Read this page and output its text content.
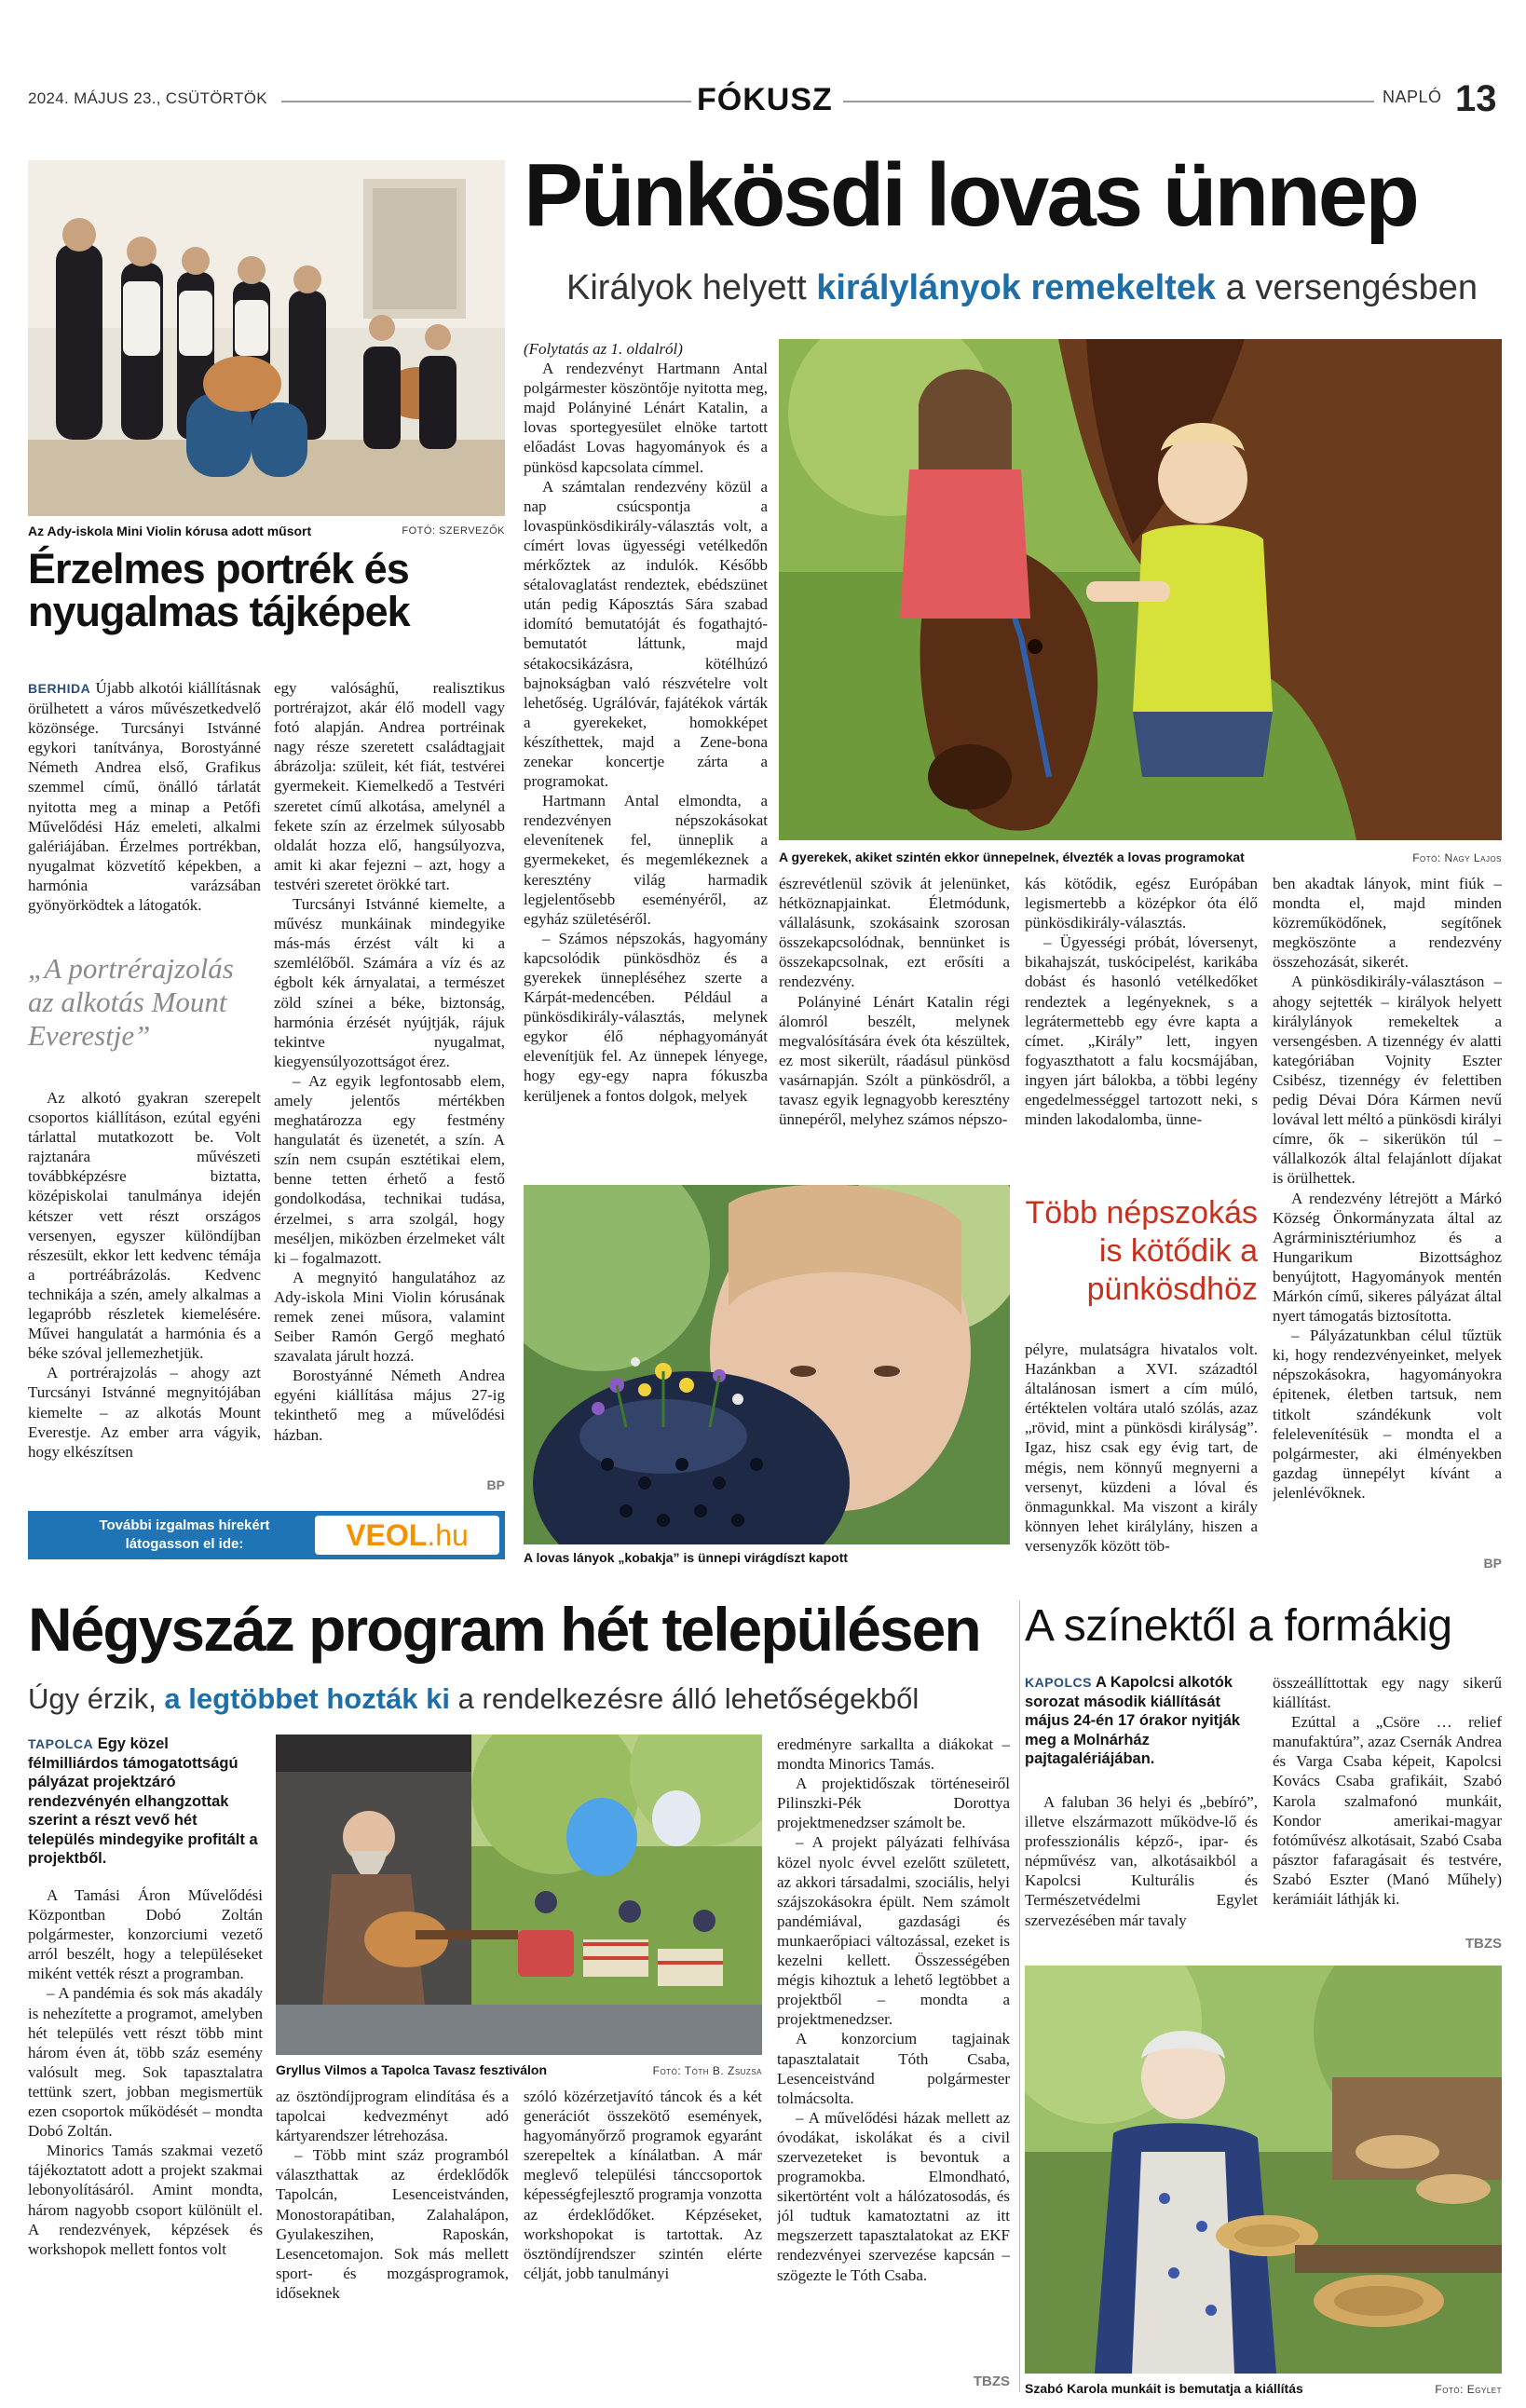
2024. MÁJUS 23., CSÜTÖRTÖK	FÓKUSZ	NAPLÓ 13
Az Ady-iskola Mini Violin kórusa adott műsort	FOTÓ: SZERVEZŐK
Érzelmes portrék és nyugalmas tájképek

BERHIDA Újabb alkotói kiállításnak örülhetett a város művészetkedvelő közönsége. Turcsányi Istvánné egykori tanítványa, Borostyánné Németh Andrea első, Grafikus szemmel című, önálló tárlatát nyitotta meg a minap a Petőfi Művelődési Ház emeleti, alkalmi galériájában. Érzelmes portrékban, nyugalmat közvetítő képekben, a harmónia varázsában gyönyörködtek a látogatók.

„A portrérajzolás az alkotás Mount Everestje”

Az alkotó gyakran szerepelt csoportos kiállításon, ezútal egyéni tárlattal mutatkozott be. Volt rajztanára művészeti továbbképzésre biztatta, középiskolai tanulmánya idején kétszer vett részt országos versenyen, egyszer különdíjban részesült, ekkor lett kedvenc témája a portréábrázolás. Kedvenc technikája a szén, amely alkalmas a legapróbb részletek kiemelésére. Művei hangulatát a harmónia és a béke szóval jellemezhetjük.

A portrérajzolás – ahogy azt Turcsányi Istvánné megnyitójában kiemelte – az alkotás Mount Everestje. Az ember arra vágyik, hogy elkészítsen

egy valósághű, realisztikus portrérajzot, akár élő modell vagy fotó alapján. Andrea portréinak nagy része szeretett családtagjait ábrázolja: szüleit, két fiát, testvérei gyermekeit. Kiemelkedő a Testvéri szeretet című alkotása, amelynél a fekete szín az érzelmek súlyosabb oldalát hozza elő, hangsúlyozva, amit ki akar fejezni – azt, hogy a testvéri szeretet örökké tart.

Turcsányi Istvánné kiemelte, a művész munkáinak mindegyike más-más érzést vált ki a szemlélőből. Számára a víz és az égbolt kék árnyalatai, a természet zöld színei a béke, biztonság, harmónia érzését nyújtják, rájuk tekintve nyugalmat, kiegyensúlyozottságot érez.

– Az egyik legfontosabb elem, amely jelentős mértékben meghatározza egy festmény hangulatát és üzenetét, a szín. A szín nem csupán esztétikai elem, benne tetten érhető a festő gondolkodása, technikai tudása, érzelmei, s arra szolgál, hogy meséljen, miközben érzelmeket vált ki – fogalmazott.

A megnyitó hangulatához az Ady-iskola Mini Violin kórusának remek zenei műsora, valamint Seiber Ramón Gergő megható szavalata járult hozzá.

Borostyánné Németh Andrea egyéni kiállítása május 27-ig tekinthető meg a művelődési házban.

BP
További izgalmas hírekért
látogasson el ide:	VEOL.hu
Pünkösdi lovas ünnep
Királyok helyett királylányok remekeltek a versengésben

(Folytatás az 1. oldalról)

A rendezvényt Hartmann Antal polgármester köszöntője nyitotta meg, majd Polányiné Lénárt Katalin, a lovas sportegyesület elnöke tartott előadást Lovas hagyományok és a pünkösd kapcsolata címmel.

A számtalan rendezvény közül a nap csúcspontja a lovaspünkösdikirály-választás volt, a címért lovas ügyességi vetélkedőn mérkőztek az indulók. Később sétalovaglatást rendeztek, ebédszünet után pedig Káposztás Sára szabad idomító bemutatóját és fogathajtó-bemutatót láttunk, majd sétakocsikázásra, kötélhúzó bajnokságban való részvételre volt lehetőség. Ugrálóvár, fajátékok várták a gyerekeket, homokképet készíthettek, majd a Zene-bona zenekar koncertje zárta a programokat.

Hartmann Antal elmondta, a rendezvényen népszokásokat elevenítenek fel, ünneplik a gyermekeket, és megemlékeznek a keresztény világ harmadik legjelentősebb eseményéről, az egyház születéséről.

– Számos népszokás, hagyomány kapcsolódik pünkösdhöz és a gyerekek ünnepléséhez szerte a Kárpát-medencében. Például a pünkösdikirály-választás, melynek egykor élő néphagyományát elevenítjük fel. Az ünnepek lényege, hogy egy-egy napra fókuszba kerüljenek a fontos dolgok, melyek

A gyerekek, akiket szintén ekkor ünnepelnek, élvezték a lovas programokat	Fotó: Nagy Lajos

észrevétlenül szövik át jelenünket, hétköznapjainkat. Életmódunk, vállalásunk, szokásaink szorosan összekapcsolódnak, bennünket is összekapcsolnak, ezt erősíti a rendezvény.

Polányiné Lénárt Katalin régi álomról beszélt, melynek megvalósítására évek óta készültek, ez most sikerült, ráadásul pünkösd vasárnapján. Szólt a pünkösdről, a tavasz egyik legnagyobb keresztény ünnepéről, melyhez számos népszo-

kás kötődik, egész Európában legismertebb a középkor óta élő pünkösdikirály-választás.

– Ügyességi próbát, lóversenyt, bikahajszát, tuskócipelést, karikába dobást és hasonló vetélkedőket rendeztek a legényeknek, s a legrátermettebb egy évre kapta a címet. „Király” lett, ingyen fogyaszthatott a falu kocsmájában, ingyen járt bálokba, a többi legény engedelmességgel tartozott neki, s minden lakodalomba, ünne-

Több népszokás is kötődik a pünkösdhöz

pélyre, mulatságra hivatalos volt. Hazánkban a XVI. századtól általánosan ismert a cím múló, értéktelen voltára utaló szólás, azaz „rövid, mint a pünkösdi királyság”. Igaz, hisz csak egy évig tart, de mégis, nem könnyű megnyerni a versenyt, küzdeni a lóval és önmagunkkal. Ma viszont a király könnyen lehet királylány, hiszen a versenyzők között töb-

ben akadtak lányok, mint fiúk – mondta el, majd minden közreműködőnek, segítőnek megköszönte a rendezvény összehozását, sikerét.

A pünkösdikirály-választáson – ahogy sejtették – királyok helyett királylányok remekeltek a versengésben. A tizennégy év alatti kategóriában Vojnity Eszter Csibész, tizennégy év felettiben pedig Dévai Dóra Kármen nevű lovával lett méltó a pünkösdi királyi címre, ők – sikerükön túl – vállalkozók által felajánlott díjakat is örülhettek.

A rendezvény létrejött a Márkó Község Önkormányzata által az Agrárminisztériumhoz és a Hungarikum Bizottsághoz benyújtott, Hagyományok mentén Márkón című, sikeres pályázat által nyert támogatás biztosította.

– Pályázatunkban célul tűztük ki, hogy rendezvényeinket, melyek népszokásokra, hagyományokra épitenek, életben tartsuk, nem titkolt szándékunk volt felelevenítésük – mondta el a polgármester, aki élményekben gazdag ünnepélyt kívánt a jelenlévőknek.

BP
A lovas lányok „kobakja” is ünnepi virágdíszt kapott
Négyszáz program hét településen
Úgy érzik, a legtöbbet hozták ki a rendelkezésre álló lehetőségekből
TAPOLCA Egy közel félmilliárdos támogatottságú pályázat projektzáró rendezvényén elhangzottak szerint a részt vevő hét település mindegyike profitált a projektből.

A Tamási Áron Művelődési Központban Dobó Zoltán polgármester, konzorciumi vezető arról beszélt, hogy a településeket miként vették részt a programban.

– A pandémia és sok más akadály is nehezítette a programot, amelyben hét település vett részt több mint három éven át, több száz esemény valósult meg. Sok tapasztalatra tettünk szert, jobban megismertük ezen csoportok működését – mondta Dobó Zoltán.

Minorics Tamás szakmai vezető tájékoztatott adott a projekt szakmai lebonyolításáról. Amint mondta, három nagyobb csoport különült el. A rendezvények, képzések és workshopok mellett fontos volt

Gryllus Vilmos a Tapolca Tavasz fesztiválon	Fotó: Tóth B. Zsuzsa

az ösztöndíjprogram elindítása és a tapolcai kedvezményt adó kártyarendszer létrehozása.

– Több mint száz programból választhattak az érdeklődők Tapolcán, Lesenceistvánden, Monostorapátiban, Zalahalápon, Gyulakeszihen, Raposkán, Lesencetomajon. Sok más mellett sport- és mozgásprogramok, időseknek

szóló közérzetjavító táncok és a két generációt összekötő események, hagyományőrző programok egyaránt szerepeltek a kínálatban. A már meglevő települési tánccsoportok képességfejlesztő programja vonzotta az érdeklődőket. Képzéseket, workshopokat is tartottak. Az ösztöndíjrendszer szintén elérte célját, jobb tanulmányi

TBZS

eredményre sarkallta a diákokat – mondta Minorics Tamás.

A projektidőszak történeseiről Pilinszki-Pék Dorottya projektmenedzser számolt be.

– A projekt pályázati felhívása közel nyolc évvel ezelőtt született, az akkori társadalmi, szociális, helyi szájszokásokra épült. Nem számolt pandémiával, gazdasági és munkaerőpiaci változással, ezeket is kezelni kellett. Összességében mégis kihoztuk a lehető legtöbbet a projektből – mondta a projektmenedzser.

A konzorcium tagjainak tapasztalatait Tóth Csaba, Lesenceistvánd polgármester tolmácsolta.

– A művelődési házak mellett az óvodákat, iskolákat és a civil szervezeteket is bevontuk a programokba. Elmondható, sikertörtént volt a hálózatosodás, és jól tudtuk kamatoztatni az itt megszerzett tapasztalatokat az EKF rendezvényei szervezése kapcsán – szögezte le Tóth Csaba.

A színektől a formákig
KAPOLCS A Kapolcsi alkotók sorozat második kiállítását május 24-én 17 órakor nyitják meg a Molnárház pajtagalériájában.

A faluban 36 helyi és „bebíró”, illetve elszármazott működve-lő és professzionális képző-, ipar- és népművész van, alkotásaikból a Kapolcsi Kulturális és Természetvédelmi Egylet szervezésében már tavaly

összeállíttottak egy nagy sikerű kiállítást.

Ezúttal a „Csöre … relief manufaktúra”, azaz Csernák Andrea és Varga Csaba képeit, Kapolcsi Kovács Csaba grafikáit, Szabó Karola szalmafonó munkáit, Kondor amerikai-magyar fotóművész alkotásait, Szabó Csaba pásztor fafaragásait és testvére, Szabó Eszter (Manó Műhely) kerámiáit láthják ki.

TBZS
Szabó Karola munkáit is bemutatja a kiállítás	Fotó: Egylet
